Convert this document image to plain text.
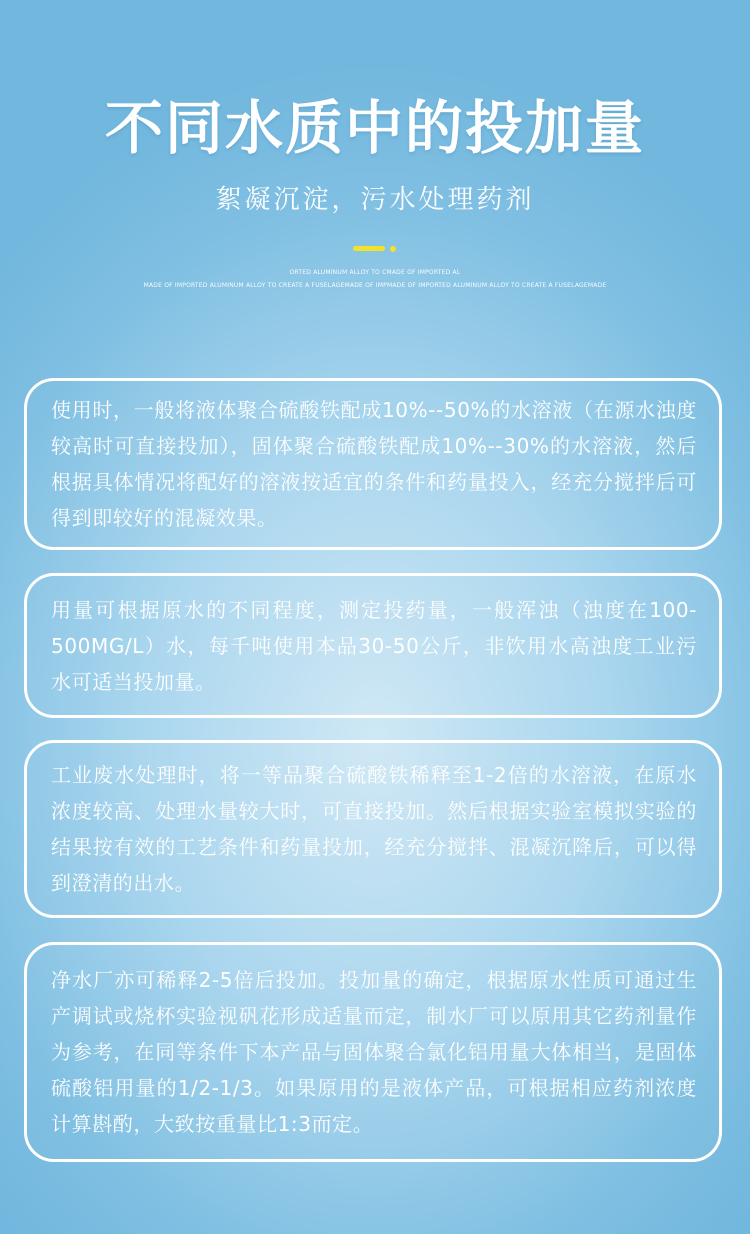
不同水质中的投加量
絮凝沉淀，污水处理药剂
ORTED ALUMINUM ALLOY TO CMADE OF IMPORTED AL
MADE OF IMPORTED ALUMINUM ALLOY TO CREATE A FUSELAGEMADE OF IMPMADE OF IMPORTED ALUMINUM ALLOY TO CREATE A FUSELAGEMADE
使用时，一般将液体聚合硫酸铁配成10%--50%的水溶液（在源水浊度较高时可直接投加），固体聚合硫酸铁配成10%--30%的水溶液，然后根据具体情况将配好的溶液按适宜的条件和药量投入，经充分搅拌后可得到即较好的混凝效果。
用量可根据原水的不同程度，测定投药量，一般浑浊（浊度在100-500MG/L）水，每千吨使用本品30-50公斤，非饮用水高浊度工业污水可适当投加量。
工业废水处理时，将一等品聚合硫酸铁稀释至1-2倍的水溶液，在原水浓度较高、处理水量较大时，可直接投加。然后根据实验室模拟实验的结果按有效的工艺条件和药量投加，经充分搅拌、混凝沉降后，可以得到澄清的出水。
净水厂亦可稀释2-5倍后投加。投加量的确定，根据原水性质可通过生产调试或烧杯实验视矾花形成适量而定，制水厂可以原用其它药剂量作为参考，在同等条件下本产品与固体聚合氯化铝用量大体相当，是固体硫酸铝用量的1/2-1/3。如果原用的是液体产品，可根据相应药剂浓度计算斟酌，大致按重量比1:3而定。
